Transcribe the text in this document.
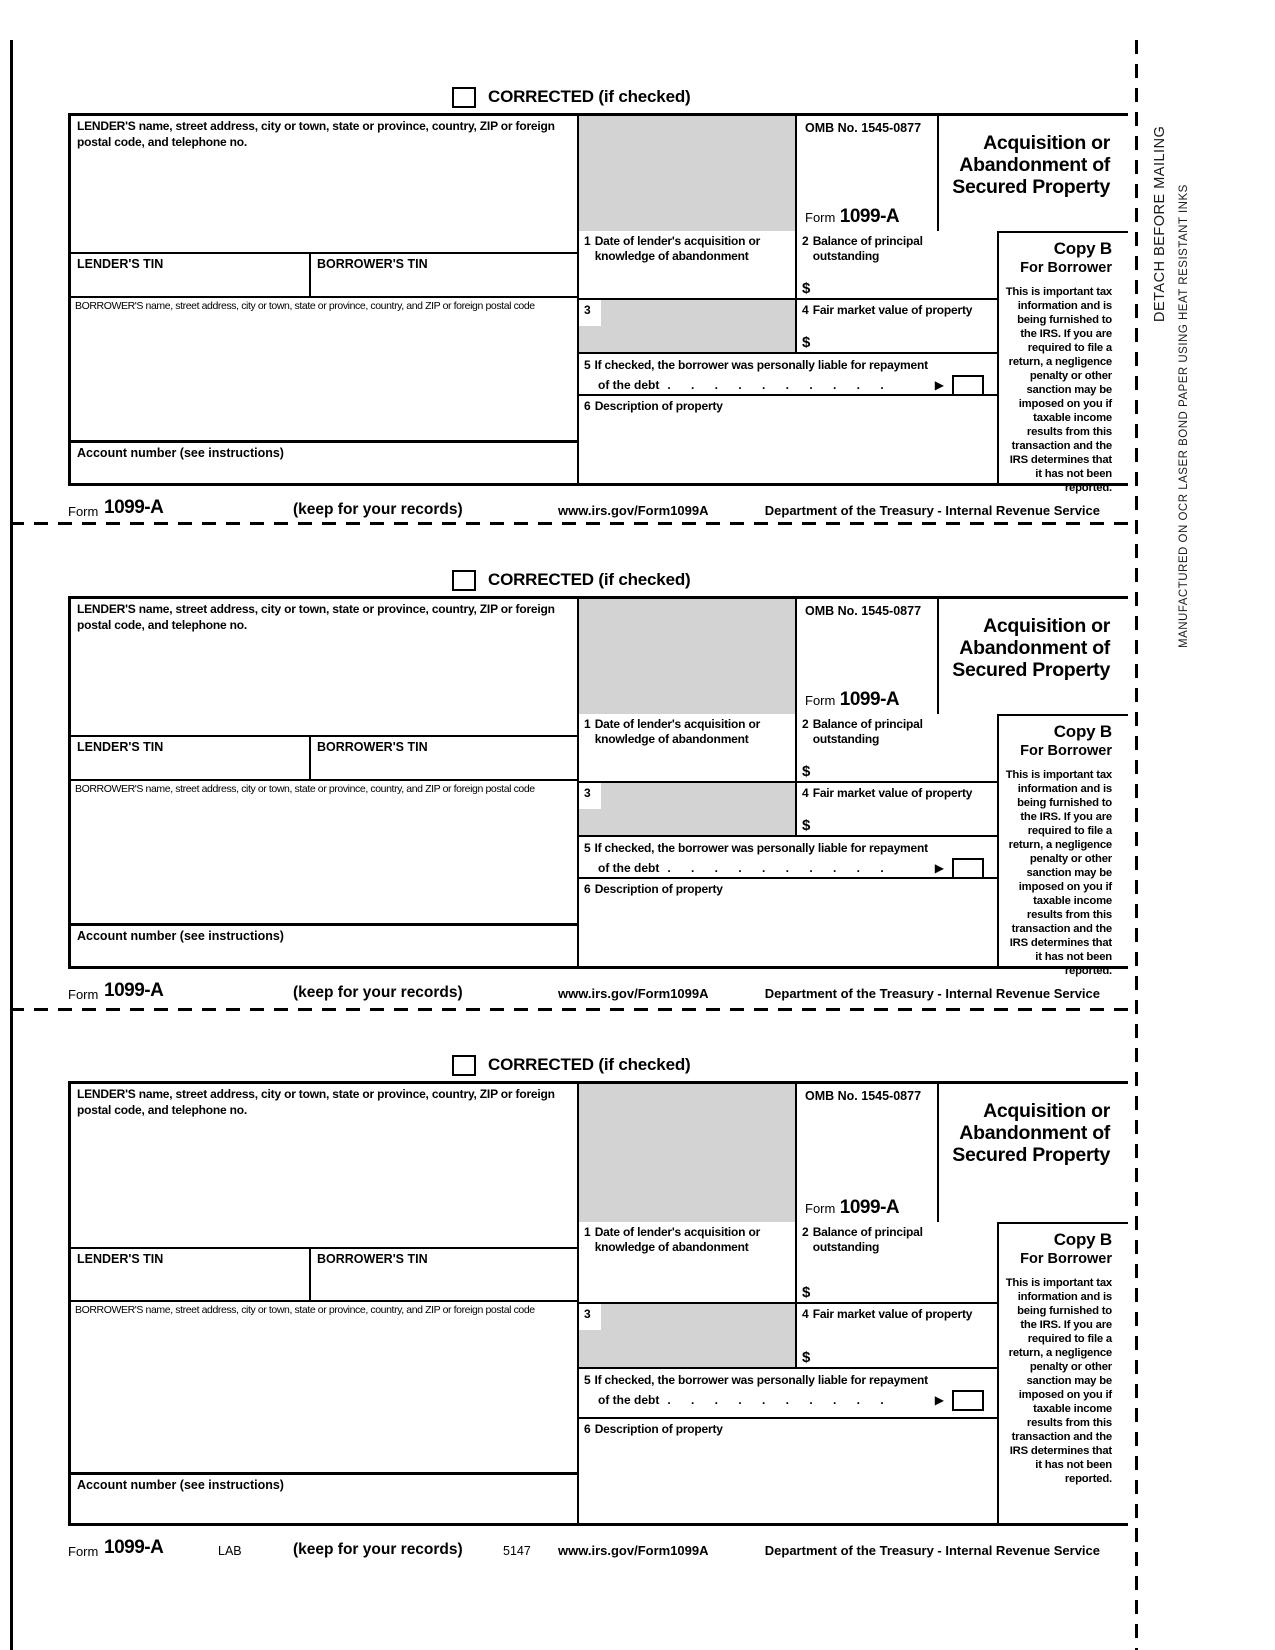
DETACH BEFORE MAILING MANUFACTURED ON OCR LASER BOND PAPER USING HEAT RESISTANT INKS
CORRECTED (if checked)
LENDER'S name, street address, city or town, state or province, country, ZIP or foreign postal code, and telephone no.
LENDER'S TIN	BORROWER'S TIN
BORROWER'S name, street address, city or town, state or province, country, and ZIP or foreign postal code
Account number (see instructions)
OMB No. 1545-0877
Form 1099-A
Acquisition or
Abandonment of
Secured Property
1 Date of lender's acquisition or knowledge of abandonment
2 Balance of principal outstanding
$
3	4 Fair market value of property
$
5 If checked, the borrower was personally liable for repayment
of the debt . . . . . . . . . .	▶
6 Description of property
Copy B
For Borrower
This is important tax information and is being furnished to the IRS. If you are required to file a return, a negligence penalty or other sanction may be imposed on you if taxable income results from this transaction and the IRS determines that it has not been reported.
Form 1099-A	(keep for your records)	www.irs.gov/Form1099A	Department of the Treasury - Internal Revenue Service
CORRECTED (if checked)
LENDER'S name, street address, city or town, state or province, country, ZIP or foreign postal code, and telephone no.
LENDER'S TIN	BORROWER'S TIN
BORROWER'S name, street address, city or town, state or province, country, and ZIP or foreign postal code
Account number (see instructions)
OMB No. 1545-0877
Form 1099-A
Acquisition or
Abandonment of
Secured Property
1 Date of lender's acquisition or knowledge of abandonment
2 Balance of principal outstanding
$
3	4 Fair market value of property
$
5 If checked, the borrower was personally liable for repayment
of the debt . . . . . . . . . .	▶
6 Description of property
Copy B
For Borrower
This is important tax information and is being furnished to the IRS. If you are required to file a return, a negligence penalty or other sanction may be imposed on you if taxable income results from this transaction and the IRS determines that it has not been reported.
Form 1099-A	(keep for your records)	www.irs.gov/Form1099A	Department of the Treasury - Internal Revenue Service
CORRECTED (if checked)
LENDER'S name, street address, city or town, state or province, country, ZIP or foreign postal code, and telephone no.
LENDER'S TIN	BORROWER'S TIN
BORROWER'S name, street address, city or town, state or province, country, and ZIP or foreign postal code
Account number (see instructions)
OMB No. 1545-0877
Form 1099-A
Acquisition or
Abandonment of
Secured Property
1 Date of lender's acquisition or knowledge of abandonment
2 Balance of principal outstanding
$
3	4 Fair market value of property
$
5 If checked, the borrower was personally liable for repayment
of the debt . . . . . . . . . .	▶
6 Description of property
Copy B
For Borrower
This is important tax information and is being furnished to the IRS. If you are required to file a return, a negligence penalty or other sanction may be imposed on you if taxable income results from this transaction and the IRS determines that it has not been reported.
Form 1099-A	LAB	(keep for your records)	5147 www.irs.gov/Form1099A	Department of the Treasury - Internal Revenue Service
